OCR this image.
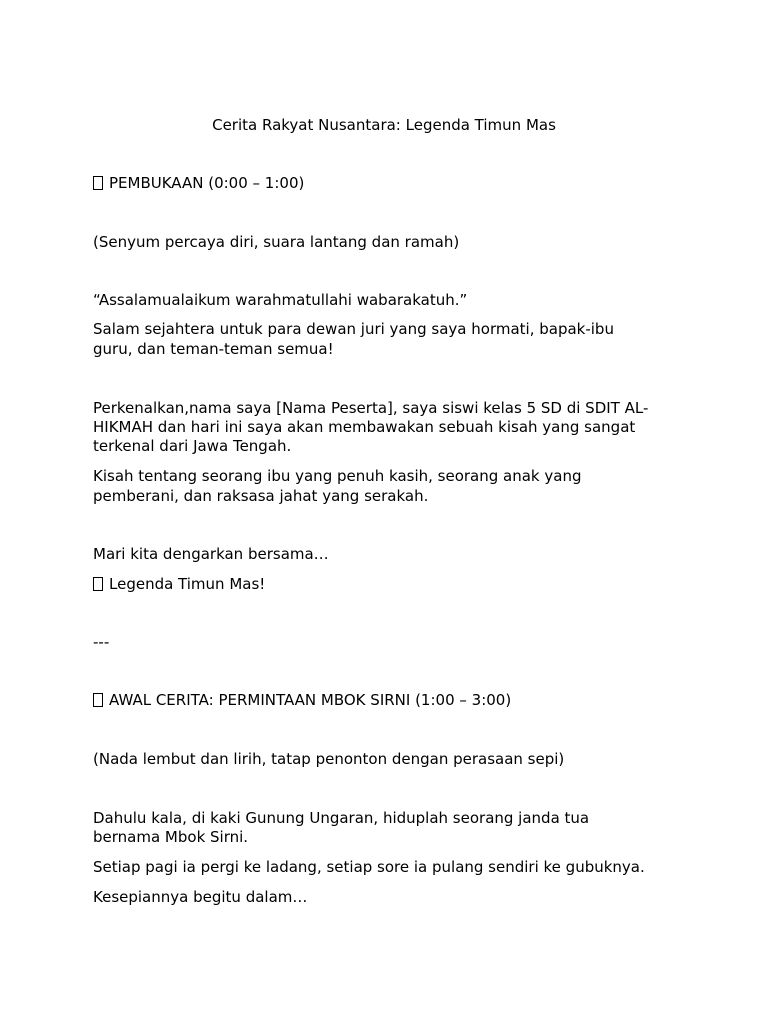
Cerita Rakyat Nusantara: Legenda Timun Mas
PEMBUKAAN (0:00 – 1:00)
(Senyum percaya diri, suara lantang dan ramah)
“Assalamualaikum warahmatullahi wabarakatuh.”
Salam sejahtera untuk para dewan juri yang saya hormati, bapak-ibu
guru, dan teman-teman semua!
Perkenalkan,nama saya [Nama Peserta], saya siswi kelas 5 SD di SDIT AL-
HIKMAH dan hari ini saya akan membawakan sebuah kisah yang sangat
terkenal dari Jawa Tengah.
Kisah tentang seorang ibu yang penuh kasih, seorang anak yang
pemberani, dan raksasa jahat yang serakah.
Mari kita dengarkan bersama…
Legenda Timun Mas!
---
AWAL CERITA: PERMINTAAN MBOK SIRNI (1:00 – 3:00)
(Nada lembut dan lirih, tatap penonton dengan perasaan sepi)
Dahulu kala, di kaki Gunung Ungaran, hiduplah seorang janda tua
bernama Mbok Sirni.
Setiap pagi ia pergi ke ladang, setiap sore ia pulang sendiri ke gubuknya.
Kesepiannya begitu dalam…
